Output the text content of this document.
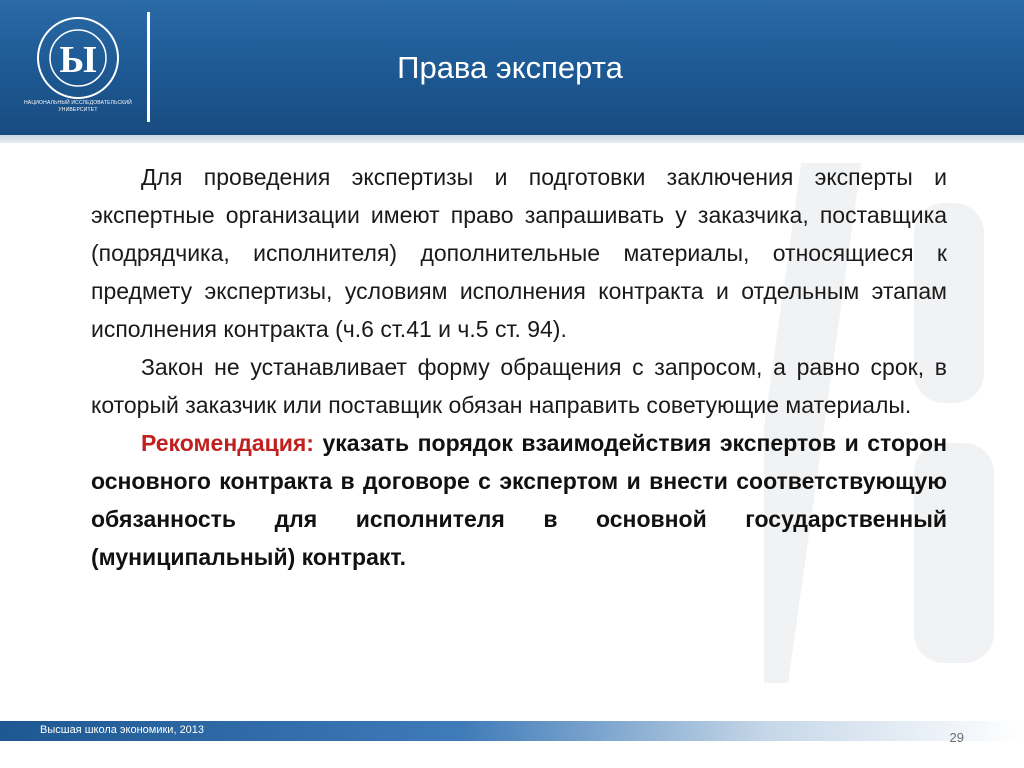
Ы
НАЦИОНАЛЬНЫЙ ИССЛЕДОВАТЕЛЬСКИЙ УНИВЕРСИТЕТ
Права эксперта

Для проведения экспертизы и подготовки заключения эксперты и экспертные организации имеют право запрашивать у заказчика, поставщика (подрядчика, исполнителя) дополнительные материалы, относящиеся к предмету экспертизы, условиям исполнения контракта и отдельным этапам исполнения контракта (ч.6 ст.41 и ч.5 ст. 94).

Закон не устанавливает форму обращения с запросом, а равно срок, в который заказчик или поставщик обязан направить советующие материалы.

Рекомендация: указать порядок взаимодействия экспертов и сторон основного контракта в договоре с экспертом и внести соответствующую обязанность для исполнителя в основной государственный (муниципальный) контракт.

Высшая школа экономики, 2013	29
